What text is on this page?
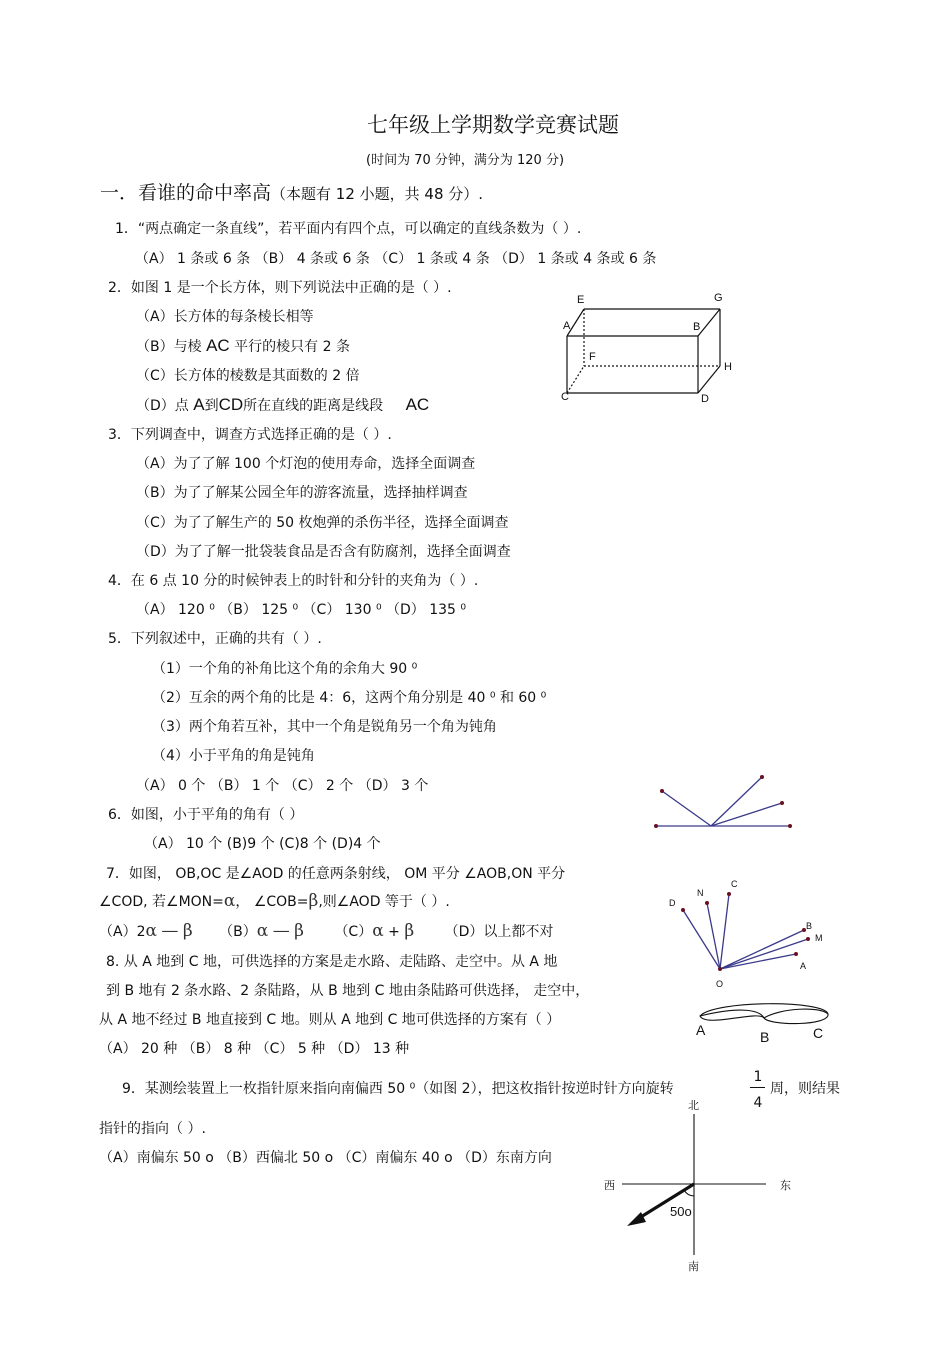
七年级上学期数学竞赛试题
(时间为 70 分钟，满分为 120 分)
一．看谁的命中率高（本题有 12 小题，共 48 分）.
1．“两点确定一条直线”，若平面内有四个点，可以确定的直线条数为（ ）.
（A） 1 条或 6 条 （B） 4 条或 6 条 （C） 1 条或 4 条 （D） 1 条或 4 条或 6 条
2．如图 1 是一个长方体，则下列说法中正确的是（ ）.
（A）长方体的每条棱长相等
（B）与棱 AC 平行的棱只有 2 条
（C）长方体的棱数是其面数的 2 倍
（D）点 A到CD所在直线的距离是线段 AC
3．下列调查中，调查方式选择正确的是（ ）.
（A）为了了解 100 个灯泡的使用寿命，选择全面调查
（B）为了了解某公园全年的游客流量，选择抽样调查
（C）为了了解生产的 50 枚炮弹的杀伤半径，选择全面调查
（D）为了了解一批袋装食品是否含有防腐剂，选择全面调查
4．在 6 点 10 分的时候钟表上的时针和分针的夹角为（ ）.
（A） 120 ⁰ （B） 125 ⁰ （C） 130 ⁰ （D） 135 ⁰
5．下列叙述中，正确的共有（ ）.
（1）一个角的补角比这个角的余角大 90 ⁰
（2）互余的两个角的比是 4：6，这两个角分别是 40 ⁰ 和 60 ⁰
（3）两个角若互补，其中一个角是锐角另一个角为钝角
（4）小于平角的角是钝角
（A） 0 个 （B） 1 个 （C） 2 个 （D） 3 个
6．如图，小于平角的角有（ ）
（A） 10 个 (B)9 个 (C)8 个 (D)4 个
7．如图， OB,OC 是∠AOD 的任意两条射线， OM 平分 ∠AOB,ON 平分
∠COD, 若∠MON=α， ∠COB=β,则∠AOD 等于（ ）.
（A）2α — β （B）α — β （C）α + β （D）以上都不对
8. 从 A 地到 C 地，可供选择的方案是走水路、走陆路、走空中。从 A 地
到 B 地有 2 条水路、2 条陆路，从 B 地到 C 地由条陆路可供选择， 走空中，
从 A 地不经过 B 地直接到 C 地。则从 A 地到 C 地可供选择的方案有（ ）
（A） 20 种 （B） 8 种 （C） 5 种 （D） 13 种
9．某测绘装置上一枚指针原来指向南偏西 50 ⁰（如图 2），把这枚指针按逆时针方向旋转
1
4
周，则结果
指针的指向（ ）.
（A）南偏东 50 o （B）西偏北 50 o （C）南偏东 40 o （D）东南方向
E	G
A	B
F
H
C	D
C
N
D
B
M
A
O
A	B	C
北
南
西	东
50o
